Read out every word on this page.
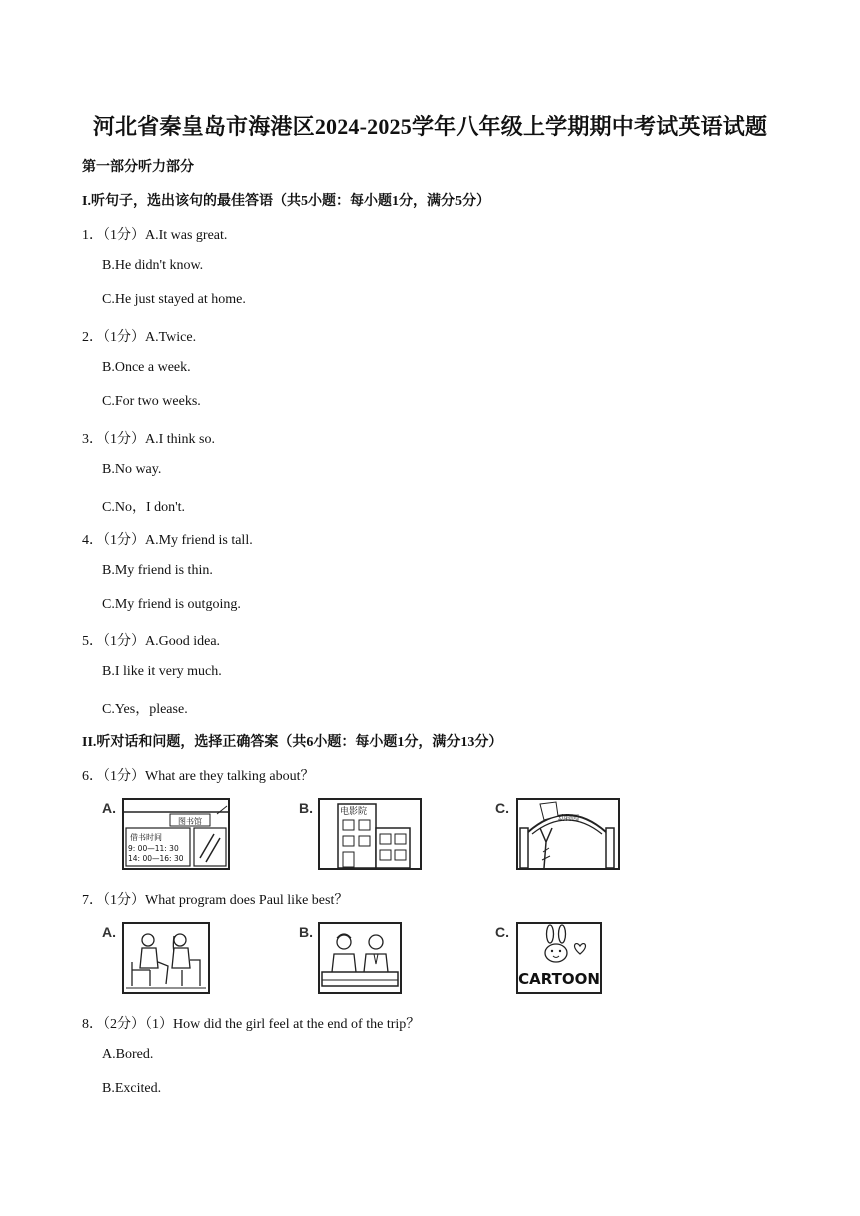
河北省秦皇岛市海港区2024-2025学年八年级上学期期中考试英语试题
第一部分听力部分
I.听句子，选出该句的最佳答语（共5小题：每小题1分，满分5分）
1．（1分）A.It was great.
B.He didn't know.
C.He just stayed at home.
2．（1分）A.Twice.
B.Once a week.
C.For two weeks.
3．（1分）A.I think so.
B.No way.
C.No，I don't.
4．（1分）A.My friend is tall.
B.My friend is thin.
C.My friend is outgoing.
5．（1分）A.Good idea.
B.I like it very much.
C.Yes，please.
II.听对话和问题，选择正确答案（共6小题：每小题1分，满分13分）
6．（1分）What are they talking about？
A.
图书馆
借书时间
9: 00—11: 30
14: 00—16: 30
B.	电影院	C.
动物园
7．（1分）What program does Paul like best？
A.	B.	C.
CARTOON
8．（2分）（1）How did the girl feel at the end of the trip？
A.Bored.
B.Excited.
